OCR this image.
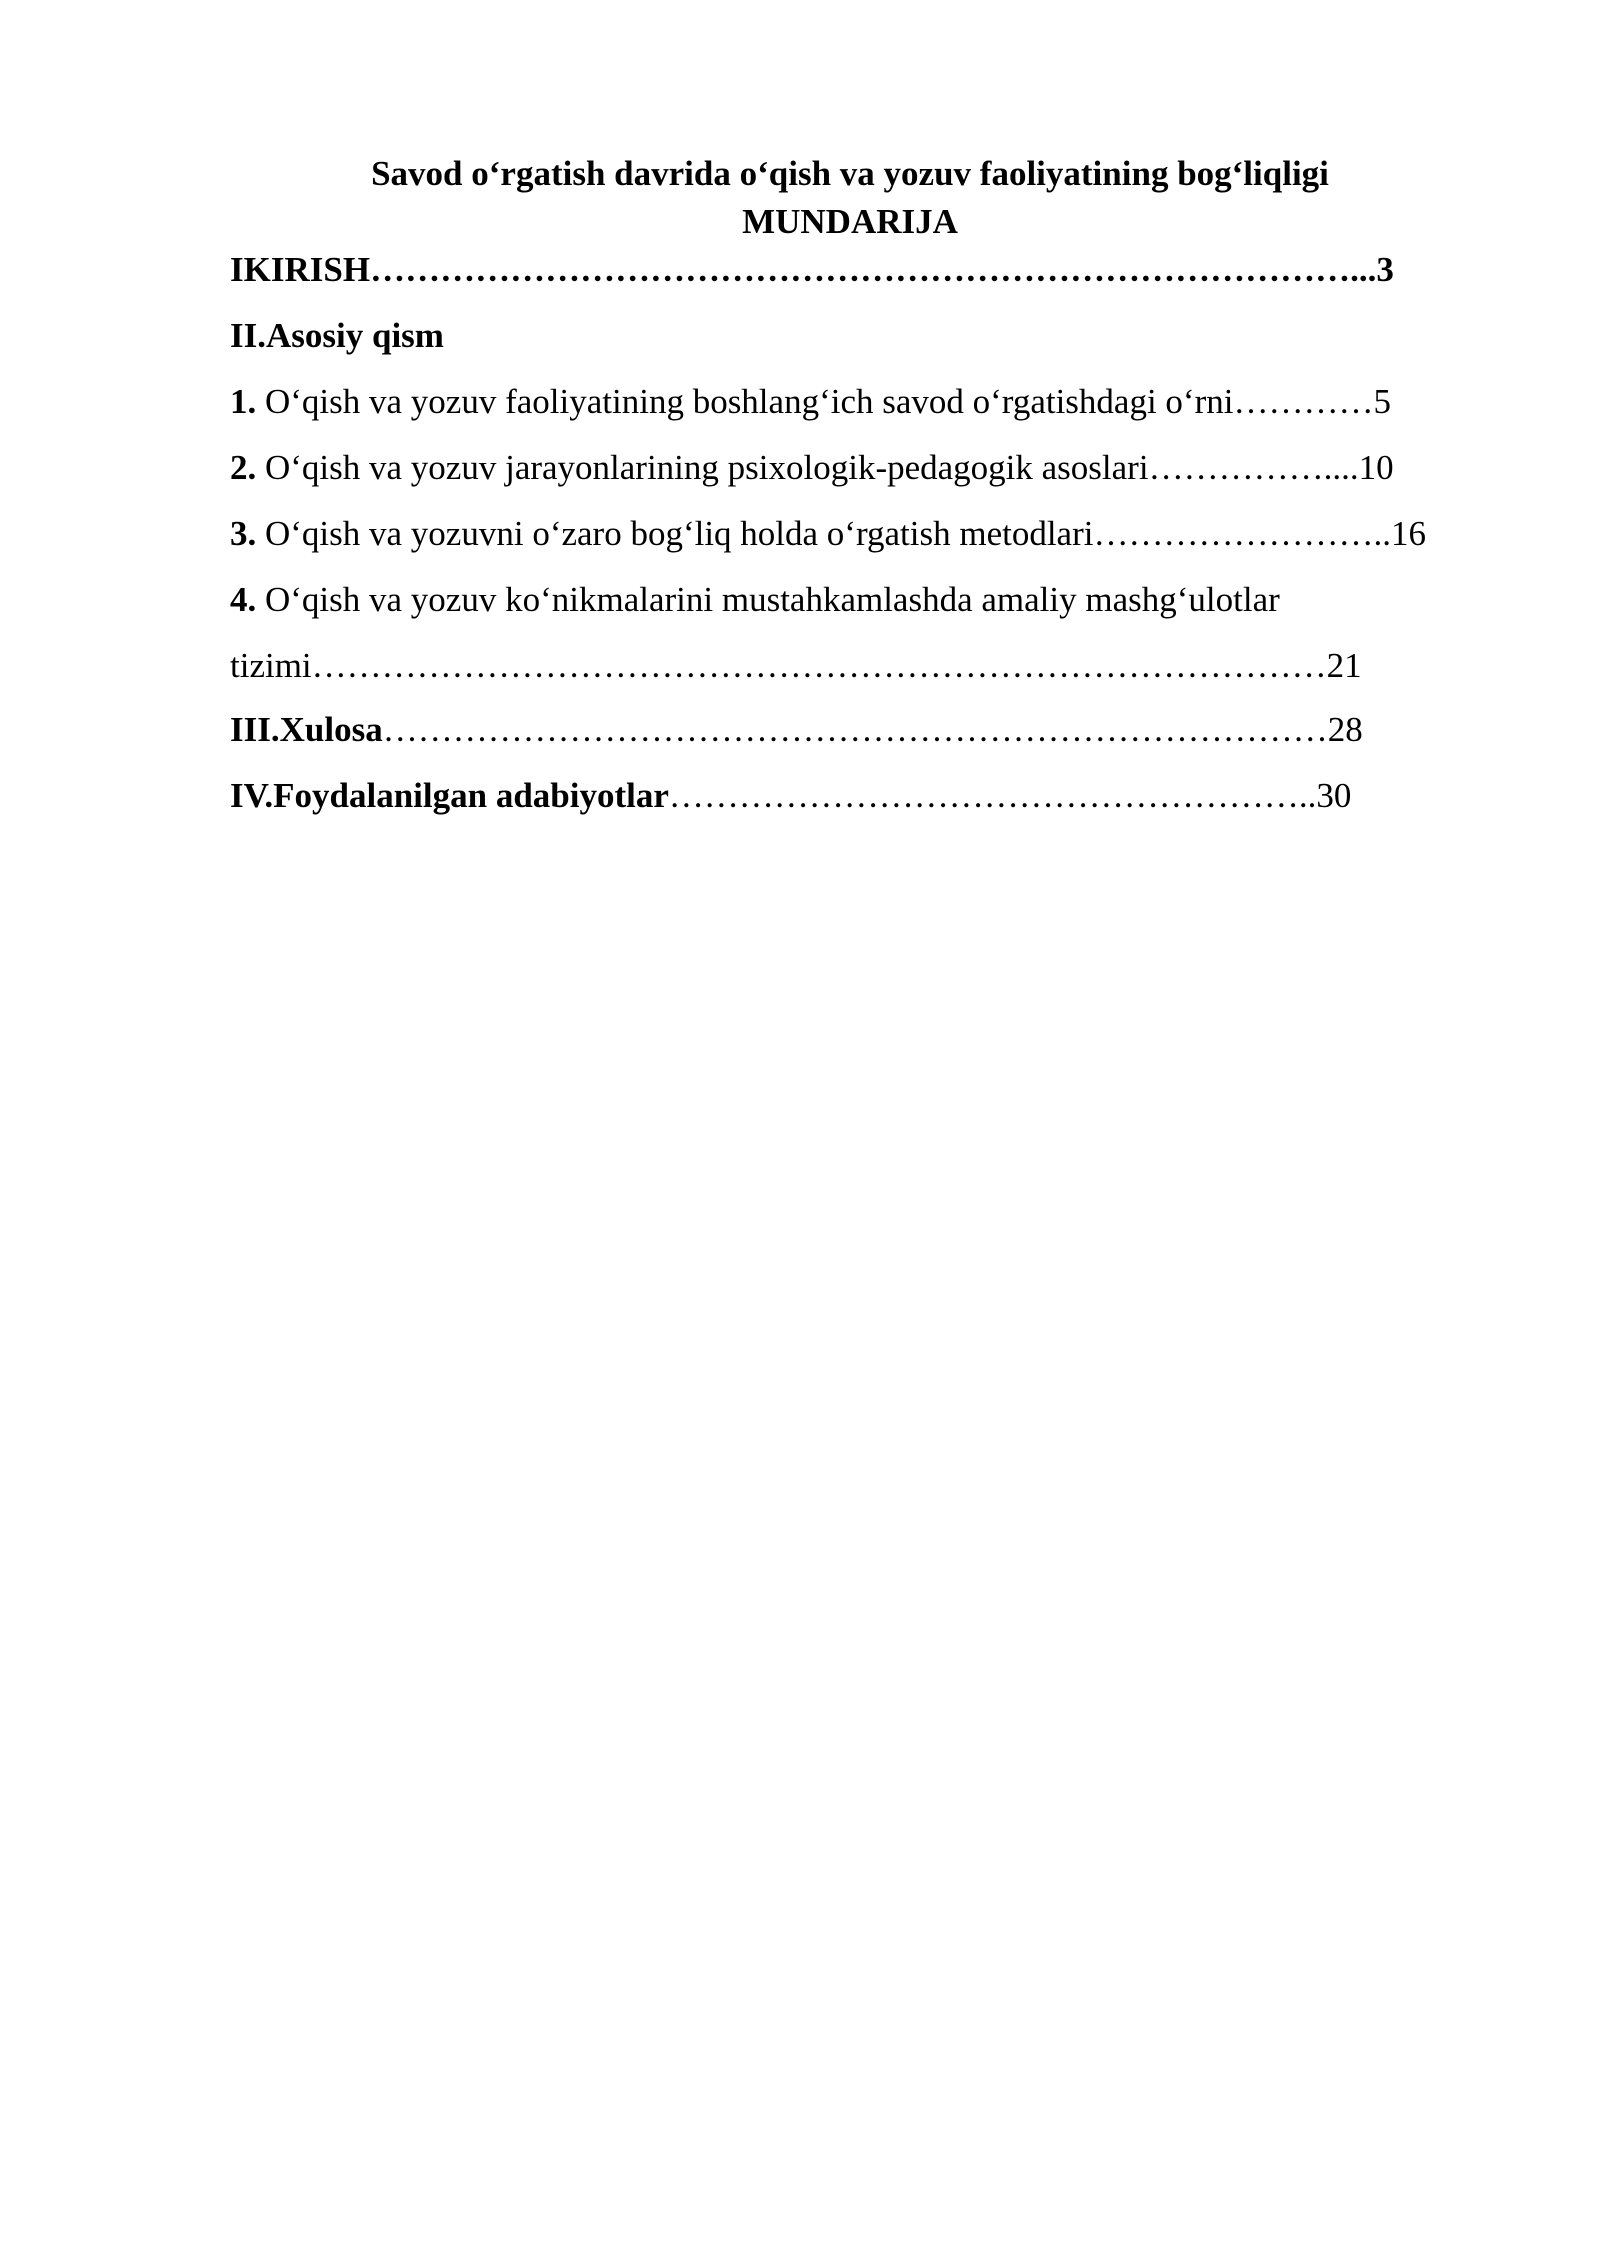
Savod o‘rgatish davrida o‘qish va yozuv faoliyatining bog‘liqligi
MUNDARIJA
IKIRISH…………………………………………………………………………...3
II.Asosiy qism
1. O‘qish va yozuv faoliyatining boshlang‘ich savod o‘rgatishdagi o‘rni…………5
2. O‘qish va yozuv jarayonlarining psixologik-pedagogik asoslari……………....10
3. O‘qish va yozuvni o‘zaro bog‘liq holda o‘rgatish metodlari……………………..16
4. O‘qish va yozuv ko‘nikmalarini mustahkamlashda amaliy mashg‘ulotlar
tizimi……………………………………………………………………………21
III.Xulosa………………………………………………………………………28
IV.Foydalanilgan adabiyotlar………………………………………………..30
